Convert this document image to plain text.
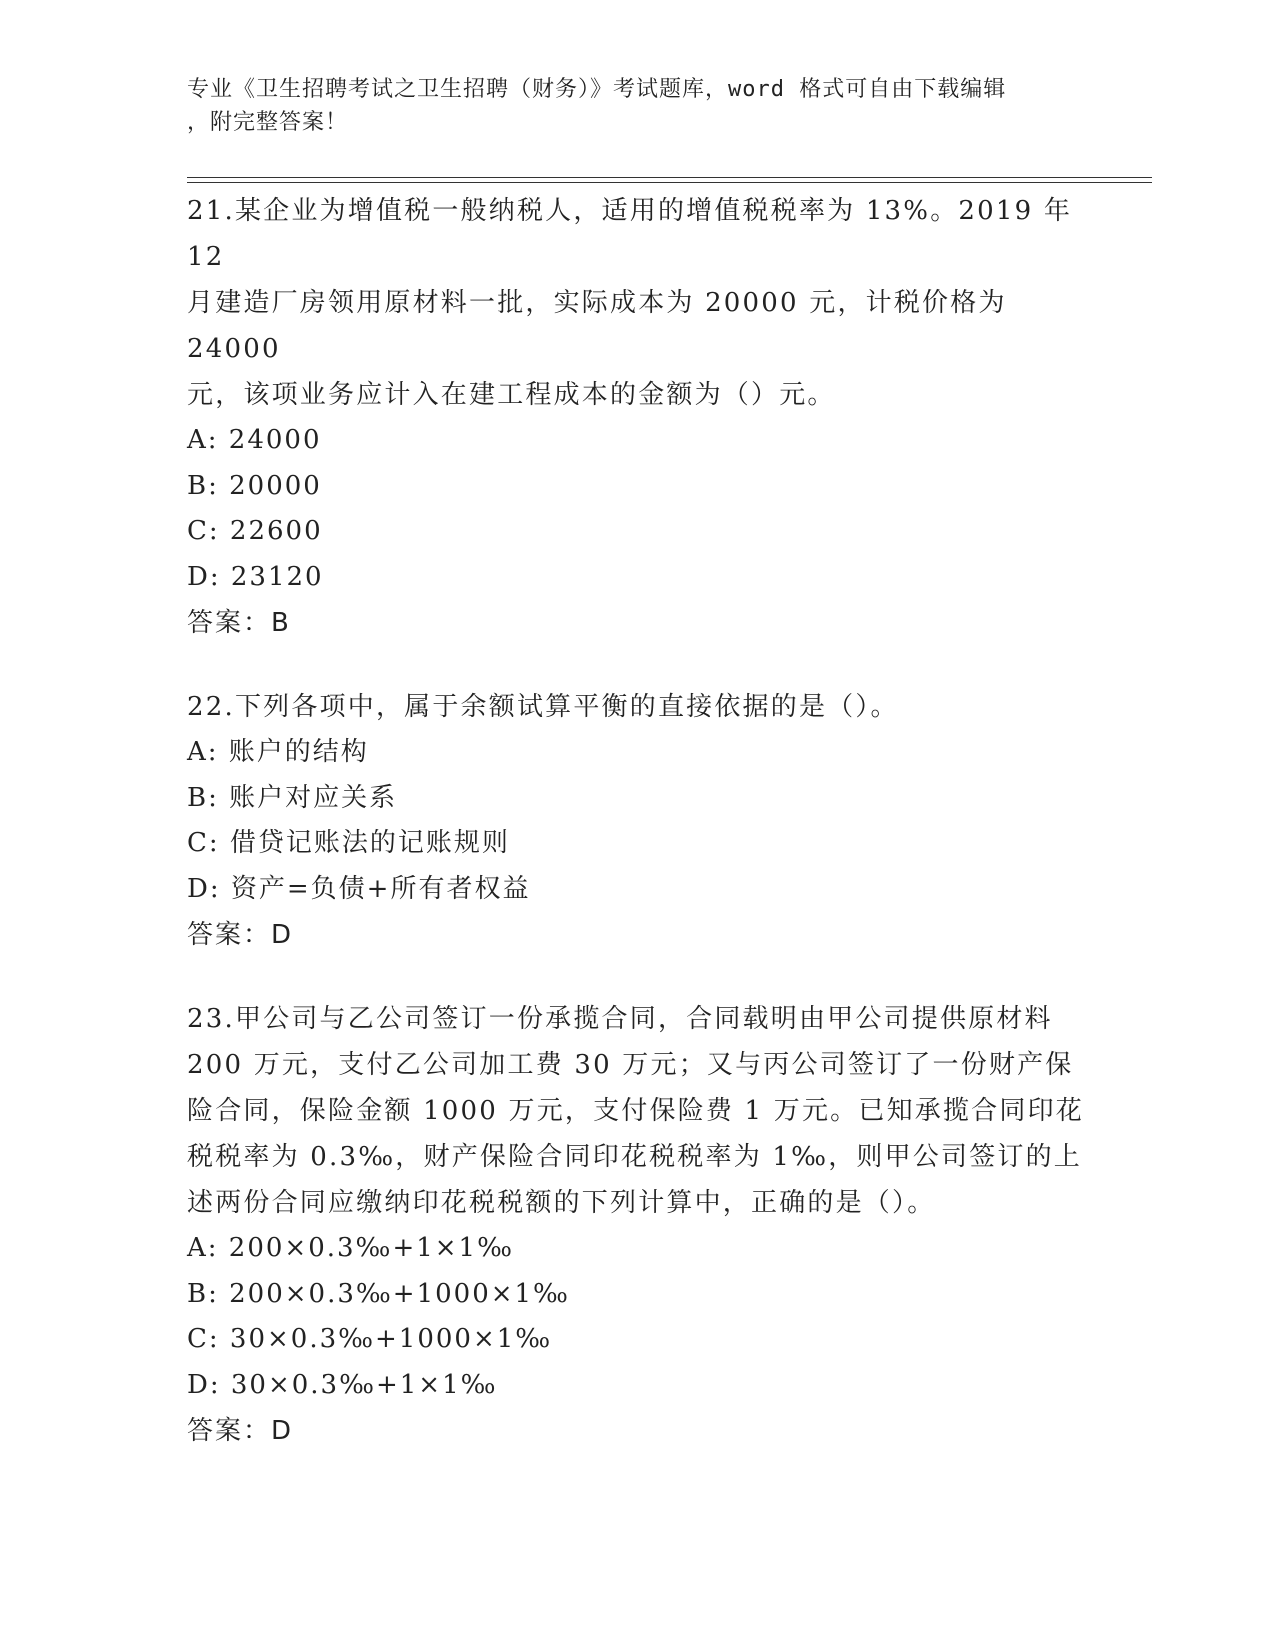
专业《卫生招聘考试之卫生招聘（财务）》考试题库，word 格式可自由下载编辑
，附完整答案！

21.某企业为增值税一般纳税人，适用的增值税税率为 13%。2019 年 12

月建造厂房领用原材料一批，实际成本为 20000 元，计税价格为 24000

元，该项业务应计入在建工程成本的金额为（）元。

A: 24000

B: 20000

C: 22600

D: 23120

答案：B

22.下列各项中，属于余额试算平衡的直接依据的是（）。

A: 账户的结构

B: 账户对应关系

C: 借贷记账法的记账规则

D: 资产=负债+所有者权益

答案：D

23.甲公司与乙公司签订一份承揽合同，合同载明由甲公司提供原材料

200 万元，支付乙公司加工费 30 万元；又与丙公司签订了一份财产保

险合同，保险金额 1000 万元，支付保险费 1 万元。已知承揽合同印花

税税率为 0.3‰，财产保险合同印花税税率为 1‰，则甲公司签订的上

述两份合同应缴纳印花税税额的下列计算中，正确的是（）。

A: 200×0.3‰+1×1‰

B: 200×0.3‰+1000×1‰

C: 30×0.3‰+1000×1‰

D: 30×0.3‰+1×1‰

答案：D
